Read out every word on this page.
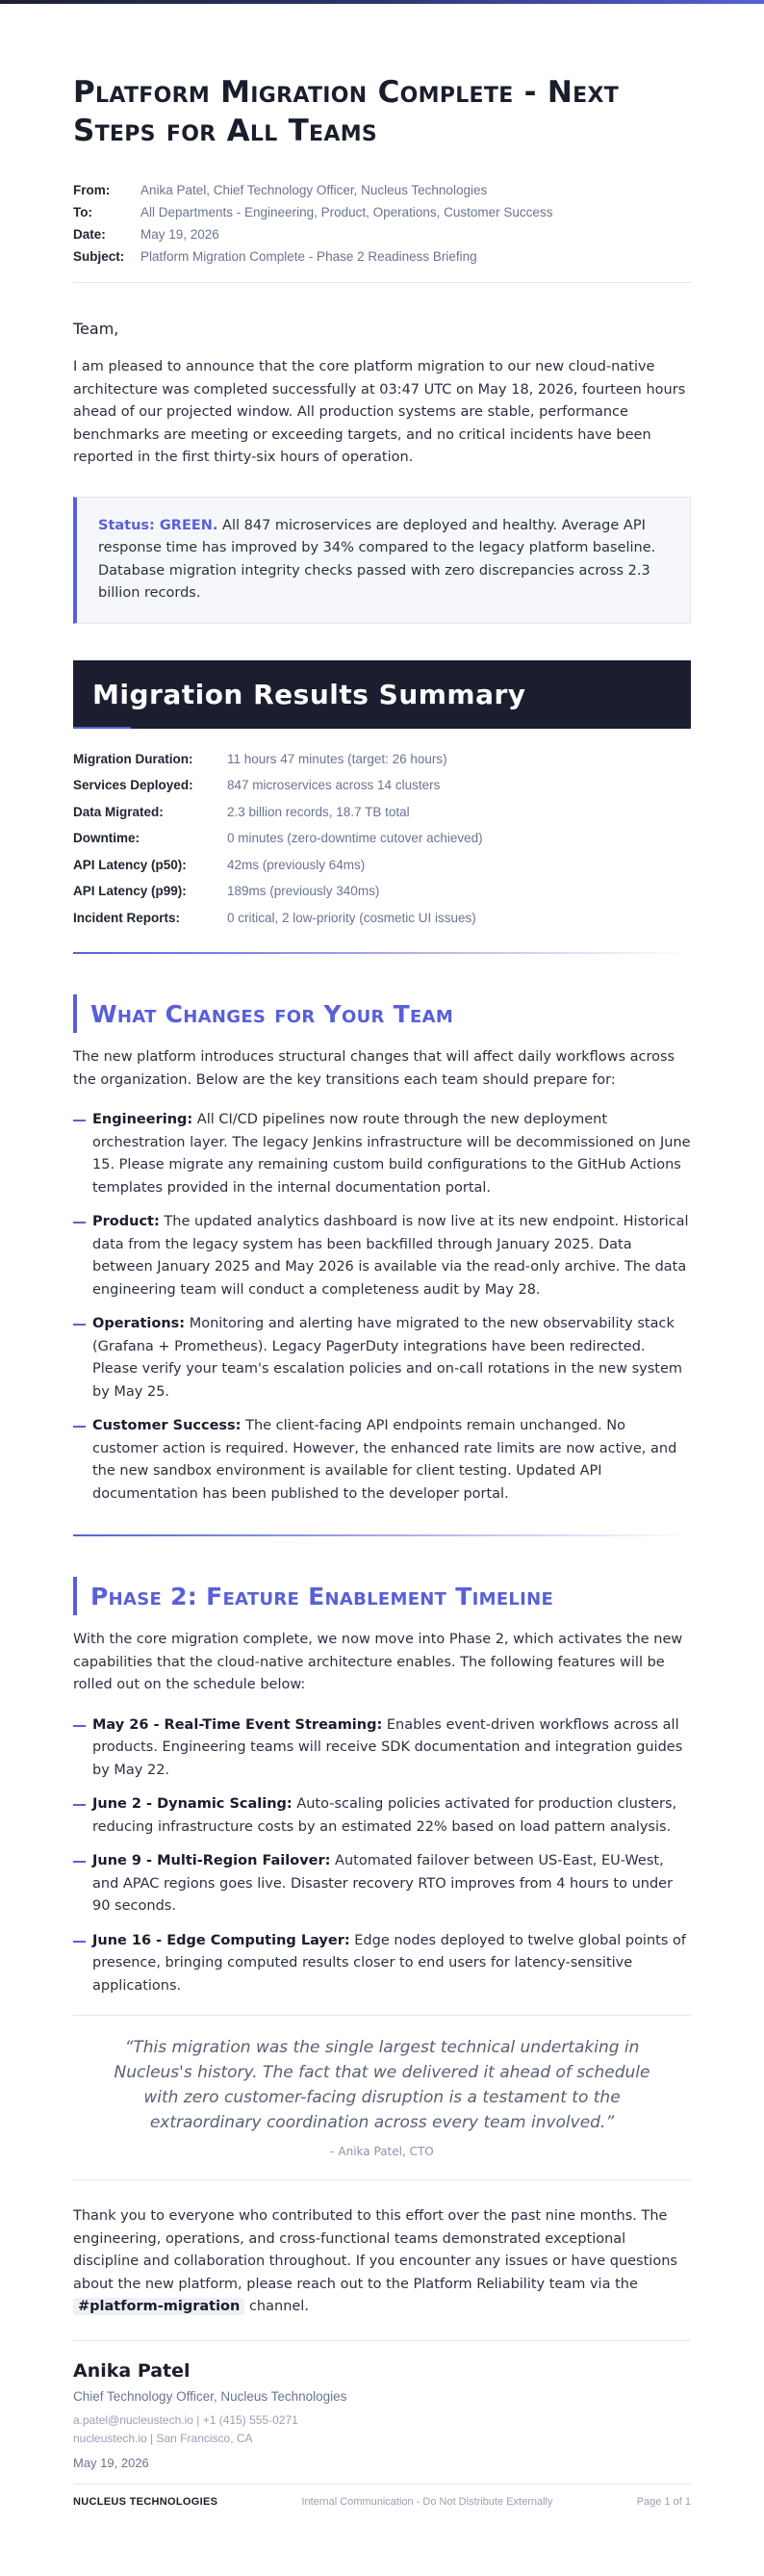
Platform Migration Complete - Next Steps for All Teams
From:	Anika Patel, Chief Technology Officer, Nucleus Technologies
To:	All Departments - Engineering, Product, Operations, Customer Success
Date:	May 19, 2026
Subject:	Platform Migration Complete - Phase 2 Readiness Briefing

Team,

I am pleased to announce that the core platform migration to our new cloud-native architecture was completed successfully at 03:47 UTC on May 18, 2026, fourteen hours ahead of our projected window. All production systems are stable, performance benchmarks are meeting or exceeding targets, and no critical incidents have been reported in the first thirty-six hours of operation.

Status: GREEN. All 847 microservices are deployed and healthy. Average API response time has improved by 34% compared to the legacy platform baseline. Database migration integrity checks passed with zero discrepancies across 2.3 billion records.
Migration Results Summary
Migration Duration:	11 hours 47 minutes (target: 26 hours)
Services Deployed:	847 microservices across 14 clusters
Data Migrated:	2.3 billion records, 18.7 TB total
Downtime:	0 minutes (zero-downtime cutover achieved)
API Latency (p50):	42ms (previously 64ms)
API Latency (p99):	189ms (previously 340ms)
Incident Reports:	0 critical, 2 low-priority (cosmetic UI issues)
What Changes for Your Team

The new platform introduces structural changes that will affect daily workflows across the organization. Below are the key transitions each team should prepare for:

Engineering: All CI/CD pipelines now route through the new deployment orchestration layer. The legacy Jenkins infrastructure will be decommissioned on June 15. Please migrate any remaining custom build configurations to the GitHub Actions templates provided in the internal documentation portal.
Product: The updated analytics dashboard is now live at its new endpoint. Historical data from the legacy system has been backfilled through January 2025. Data between January 2025 and May 2026 is available via the read-only archive. The data engineering team will conduct a completeness audit by May 28.
Operations: Monitoring and alerting have migrated to the new observability stack (Grafana + Prometheus). Legacy PagerDuty integrations have been redirected. Please verify your team's escalation policies and on-call rotations in the new system by May 25.
Customer Success: The client-facing API endpoints remain unchanged. No customer action is required. However, the enhanced rate limits are now active, and the new sandbox environment is available for client testing. Updated API documentation has been published to the developer portal.
Phase 2: Feature Enablement Timeline

With the core migration complete, we now move into Phase 2, which activates the new capabilities that the cloud-native architecture enables. The following features will be rolled out on the schedule below:

May 26 - Real-Time Event Streaming: Enables event-driven workflows across all products. Engineering teams will receive SDK documentation and integration guides by May 22.
June 2 - Dynamic Scaling: Auto-scaling policies activated for production clusters, reducing infrastructure costs by an estimated 22% based on load pattern analysis.
June 9 - Multi-Region Failover: Automated failover between US-East, EU-West, and APAC regions goes live. Disaster recovery RTO improves from 4 hours to under 90 seconds.
June 16 - Edge Computing Layer: Edge nodes deployed to twelve global points of presence, bringing computed results closer to end users for latency-sensitive applications.

“This migration was the single largest technical undertaking in Nucleus's history. The fact that we delivered it ahead of schedule with zero customer-facing disruption is a testament to the extraordinary coordination across every team involved.”

- Anika Patel, CTO

Thank you to everyone who contributed to this effort over the past nine months. The engineering, operations, and cross-functional teams demonstrated exceptional discipline and collaboration throughout. If you encounter any issues or have questions about the new platform, please reach out to the Platform Reliability team via the #platform-migration channel.

Anika Patel

Chief Technology Officer, Nucleus Technologies

a.patel@nucleustech.io | +1 (415) 555-0271

nucleustech.io | San Francisco, CA

May 19, 2026

NUCLEUS TECHNOLOGIES	Internal Communication - Do Not Distribute Externally	Page 1 of 1
